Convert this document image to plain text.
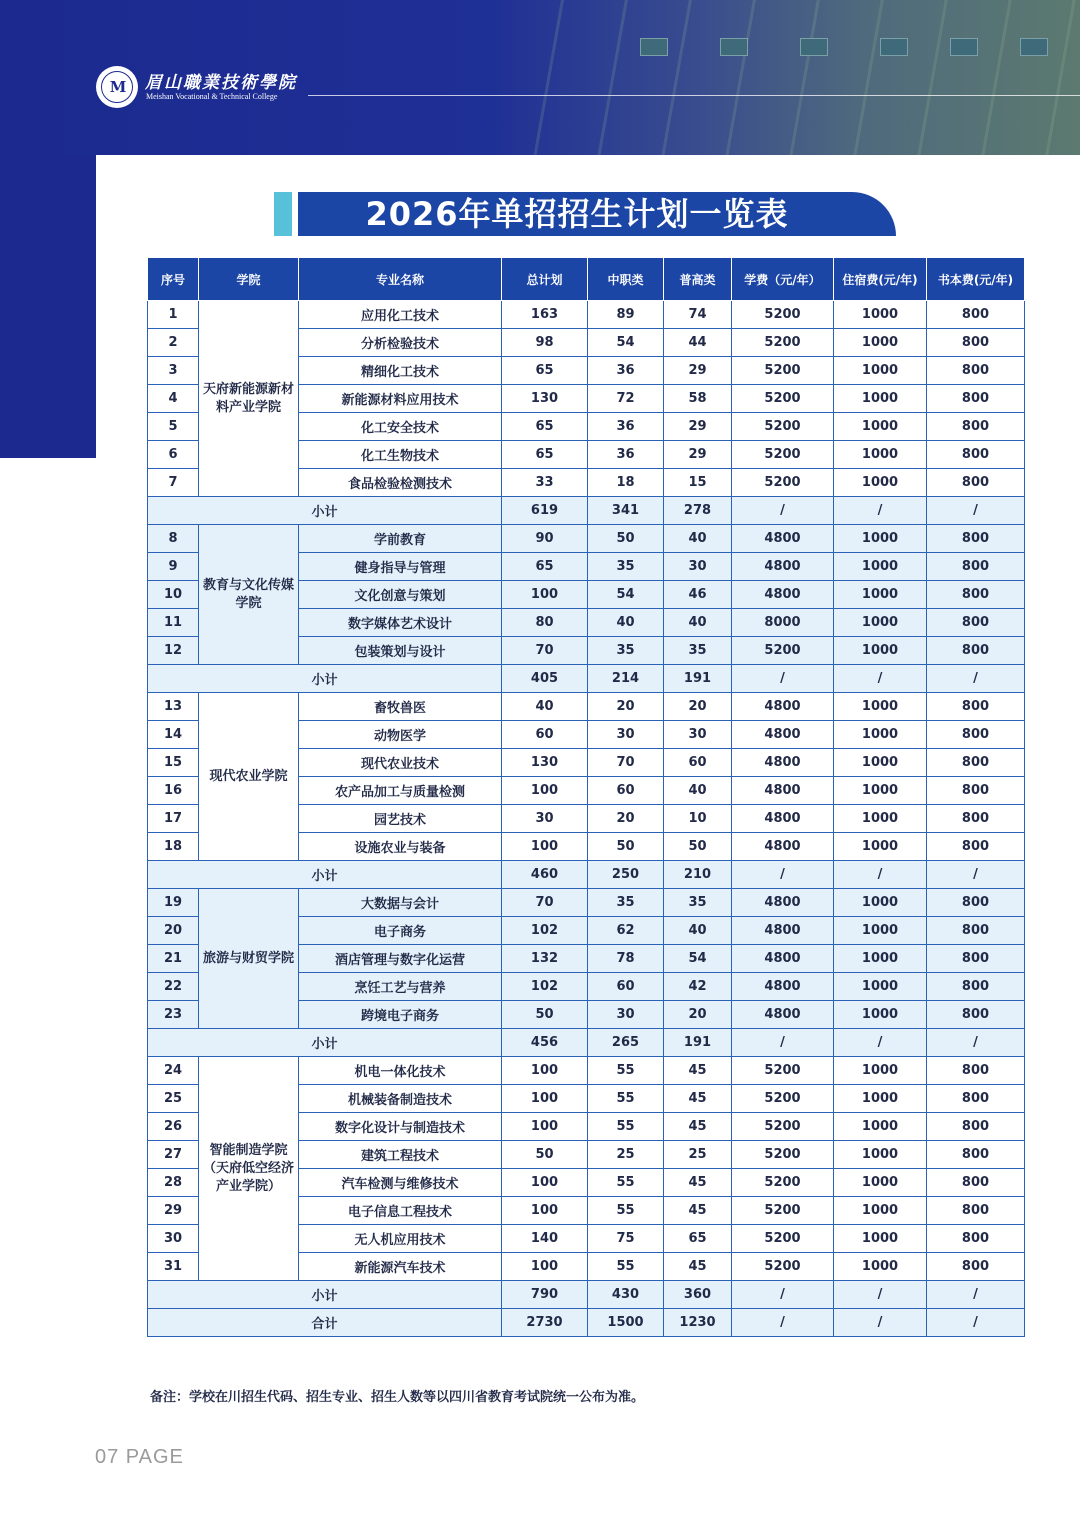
M	眉山職業技術學院
Meishan Vocational & Technical College
2026年单招招生计划一览表
序号	学院	专业名称	总计划	中职类	普高类	学费（元/年）	住宿费(元/年)	书本费(元/年)
1	天府新能源新材料产业学院	应用化工技术	163	89	74	5200	1000	800
2		分析检验技术	98	54	44	5200	1000	800
3		精细化工技术	65	36	29	5200	1000	800
4		新能源材料应用技术	130	72	58	5200	1000	800
5		化工安全技术	65	36	29	5200	1000	800
6		化工生物技术	65	36	29	5200	1000	800
7		食品检验检测技术	33	18	15	5200	1000	800
小计			619	341	278	/	/	/
8	教育与文化传媒学院	学前教育	90	50	40	4800	1000	800
9		健身指导与管理	65	35	30	4800	1000	800
10		文化创意与策划	100	54	46	4800	1000	800
11		数字媒体艺术设计	80	40	40	8000	1000	800
12		包装策划与设计	70	35	35	5200	1000	800
小计			405	214	191	/	/	/
13	现代农业学院	畜牧兽医	40	20	20	4800	1000	800
14		动物医学	60	30	30	4800	1000	800
15		现代农业技术	130	70	60	4800	1000	800
16		农产品加工与质量检测	100	60	40	4800	1000	800
17		园艺技术	30	20	10	4800	1000	800
18		设施农业与装备	100	50	50	4800	1000	800
小计			460	250	210	/	/	/
19	旅游与财贸学院	大数据与会计	70	35	35	4800	1000	800
20		电子商务	102	62	40	4800	1000	800
21		酒店管理与数字化运营	132	78	54	4800	1000	800
22		烹饪工艺与营养	102	60	42	4800	1000	800
23		跨境电子商务	50	30	20	4800	1000	800
小计			456	265	191	/	/	/
24	智能制造学院（天府低空经济产业学院）	机电一体化技术	100	55	45	5200	1000	800
25		机械装备制造技术	100	55	45	5200	1000	800
26		数字化设计与制造技术	100	55	45	5200	1000	800
27		建筑工程技术	50	25	25	5200	1000	800
28		汽车检测与维修技术	100	55	45	5200	1000	800
29		电子信息工程技术	100	55	45	5200	1000	800
30		无人机应用技术	140	75	65	5200	1000	800
31		新能源汽车技术	100	55	45	5200	1000	800
小计			790	430	360	/	/	/
合计			2730	1500	1230	/	/	/
备注：学校在川招生代码、招生专业、招生人数等以四川省教育考试院统一公布为准。
07 PAGE
